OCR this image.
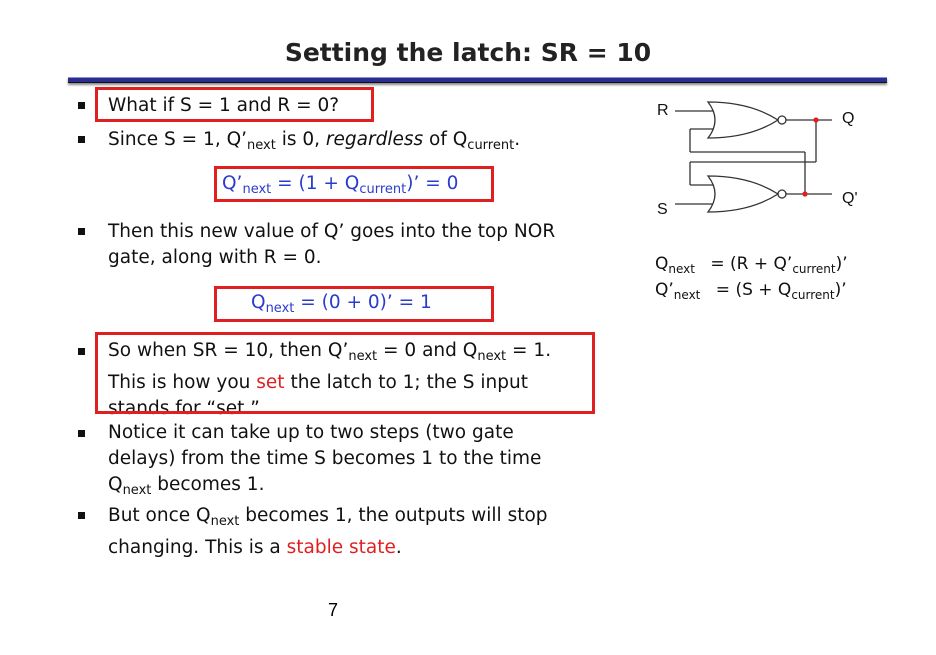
Setting the latch: SR = 10
What if S = 1 and R = 0?
Since S = 1, $Q’_{next}$ is 0, regardless of $Q_{current}$.
$Q’_{next} = (1 + Q_{current})$’ = 0
Then this new value of Q’ goes into the top NOR
gate, along with R = 0.
$Q_{next} = (0 + 0)$’ = 1
So when SR = 10, then $Q’_{next} = 0$ and $Q_{next} = 1$.
This is how you set the latch to 1; the S input
stands for “set.”
Notice it can take up to two steps (two gate
delays) from the time S becomes 1 to the time
$Q_{next}$ becomes 1.
But once $Q_{next}$ becomes 1, the outputs will stop
changing. This is a stable state.
R
S
Q
Q'
$Q_{next} = (R$ + $Q’_{current}$)’
$Q’_{next} = (S + Q_{current})$’
7
